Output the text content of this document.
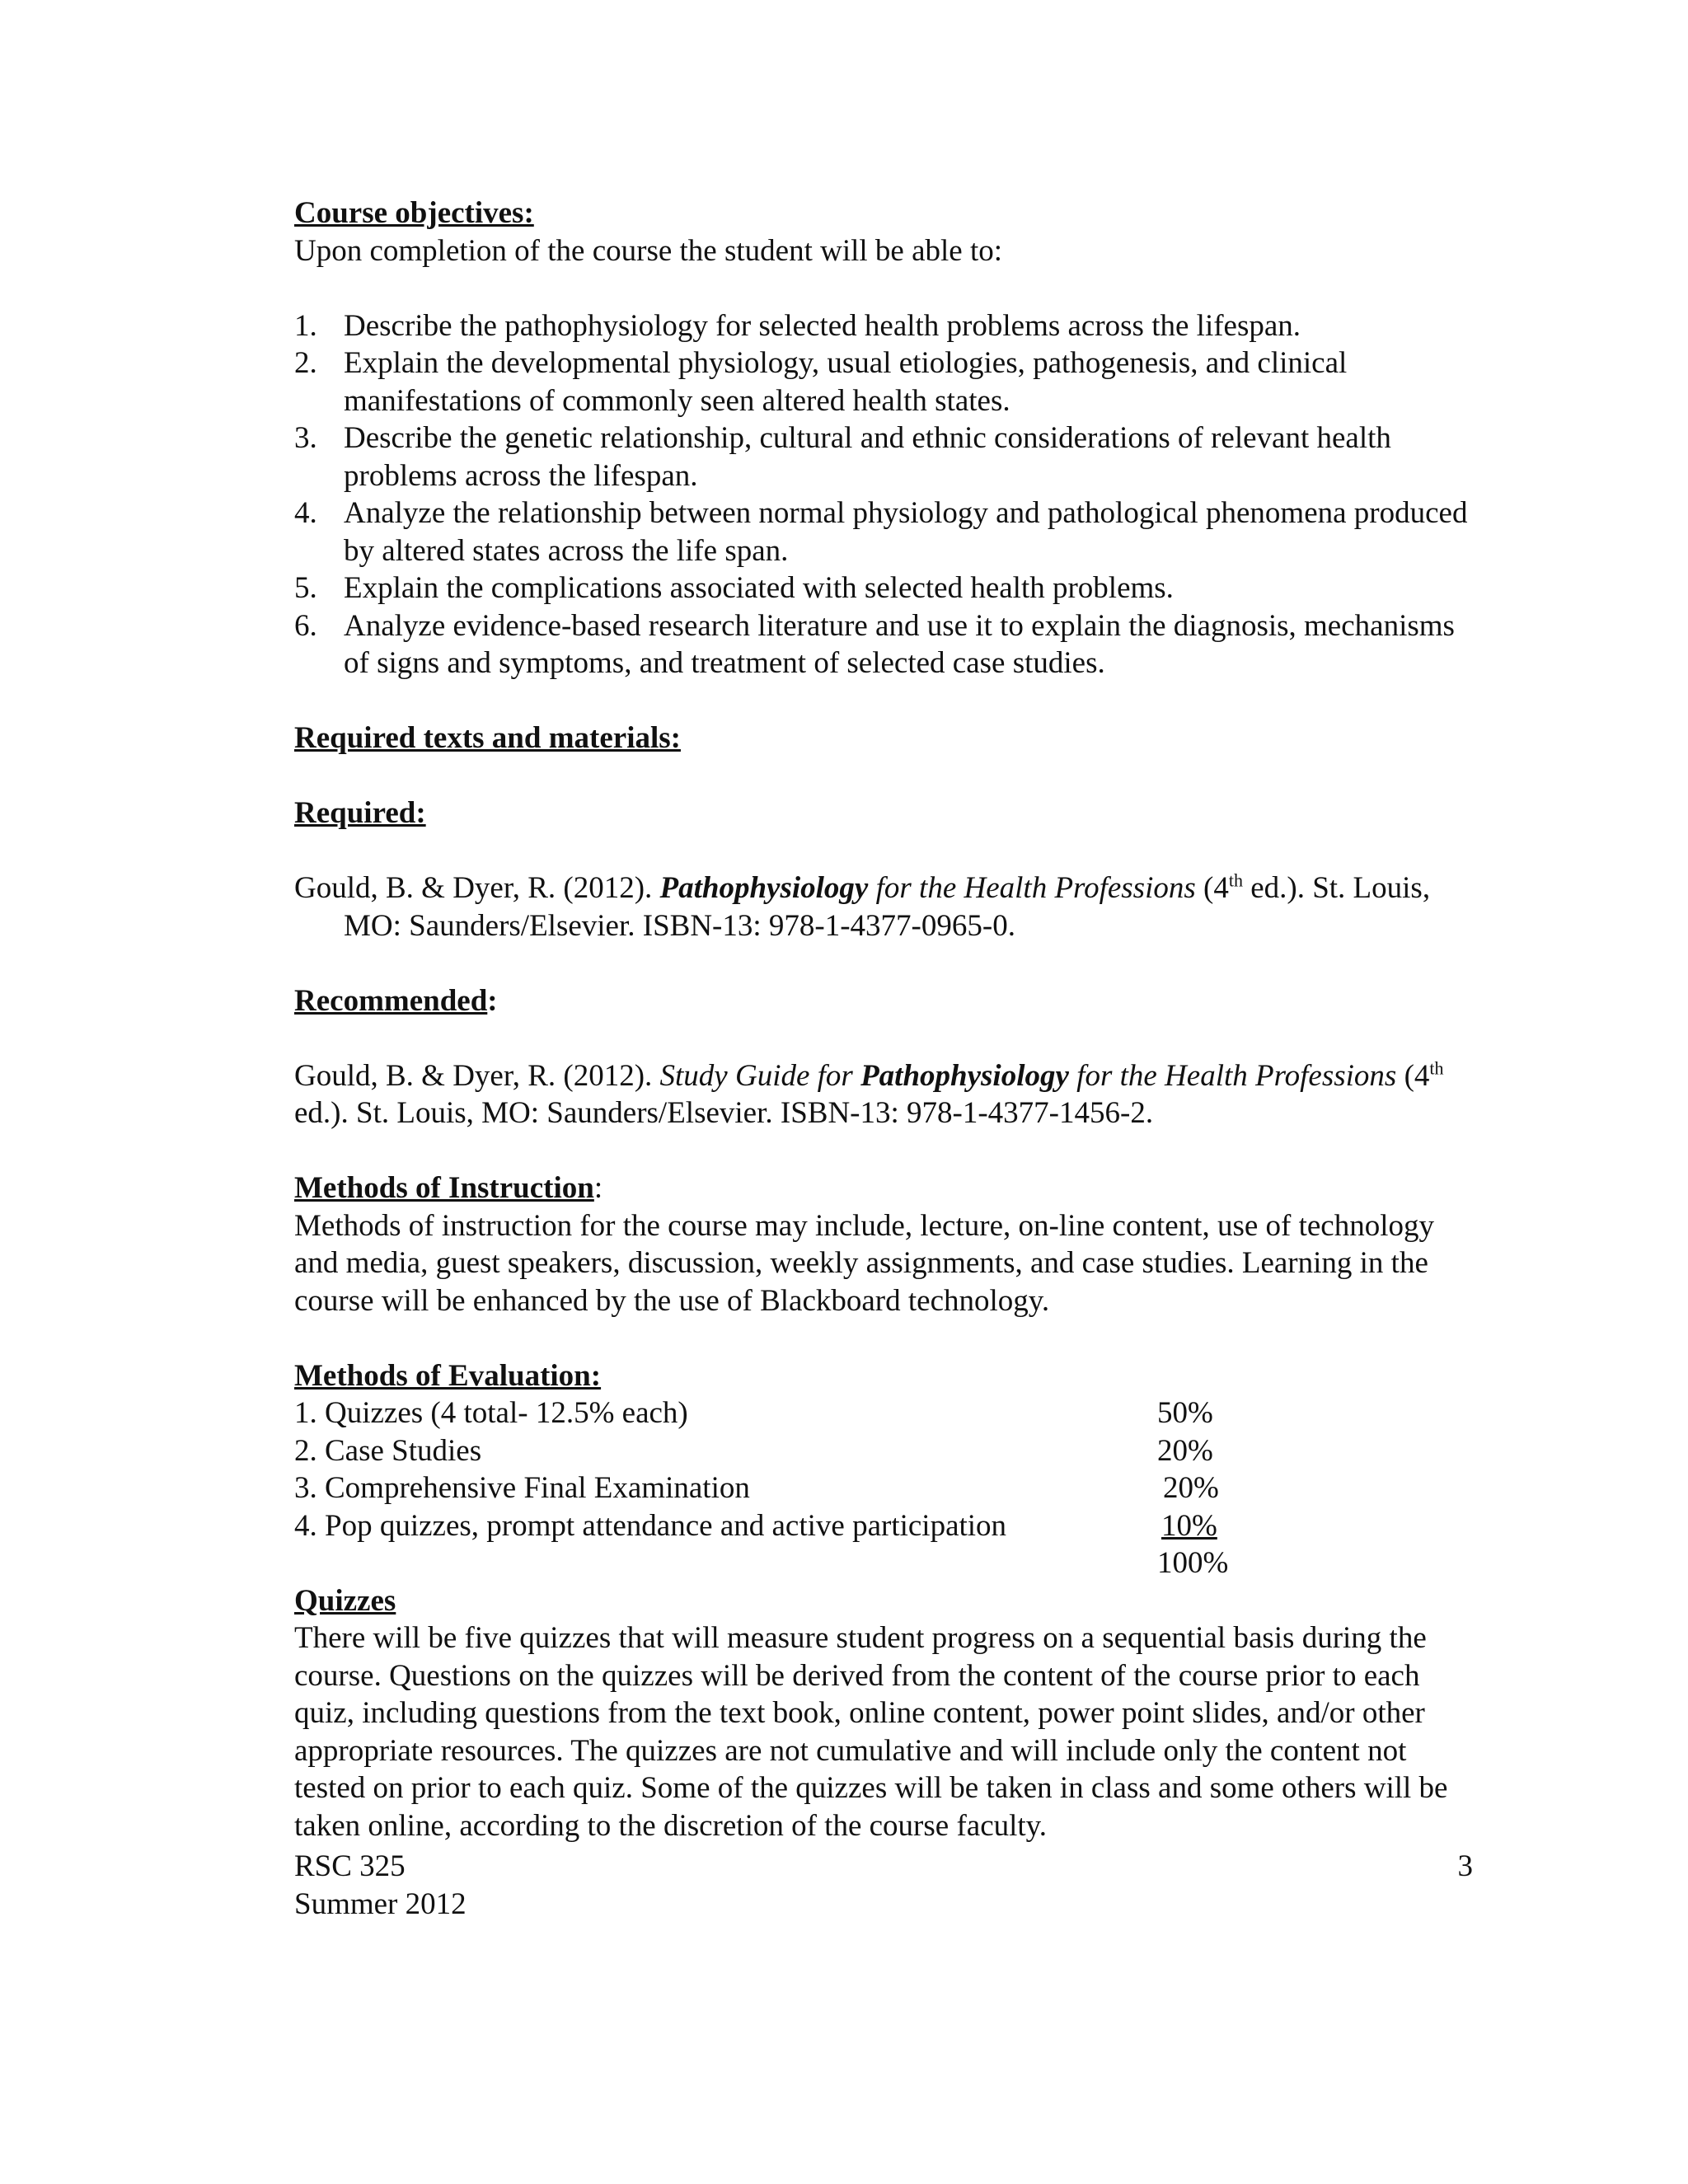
Course objectives:
Upon completion of the course the student will be able to:
1. Describe the pathophysiology for selected health problems across the lifespan.
2. Explain the developmental physiology, usual etiologies, pathogenesis, and clinical manifestations of commonly seen altered health states.
3. Describe the genetic relationship, cultural and ethnic considerations of relevant health problems across the lifespan.
4. Analyze the relationship between normal physiology and pathological phenomena produced by altered states across the life span.
5. Explain the complications associated with selected health problems.
6. Analyze evidence-based research literature and use it to explain the diagnosis, mechanisms of signs and symptoms, and treatment of selected case studies.
Required texts and materials:
Required:
Gould, B. & Dyer, R. (2012). Pathophysiology for the Health Professions (4th ed.). St. Louis, MO: Saunders/Elsevier. ISBN-13: 978-1-4377-0965-0.
Recommended:
Gould, B. & Dyer, R. (2012). Study Guide for Pathophysiology for the Health Professions (4th ed.). St. Louis, MO: Saunders/Elsevier. ISBN-13: 978-1-4377-1456-2.
Methods of Instruction:
Methods of instruction for the course may include, lecture, on-line content, use of technology and media, guest speakers, discussion, weekly assignments, and case studies. Learning in the course will be enhanced by the use of Blackboard technology.
Methods of Evaluation:
1. Quizzes (4 total- 12.5% each)	50%
2. Case Studies	20%
3. Comprehensive Final Examination	20%
4. Pop quizzes, prompt attendance and active participation	10%
100%
Quizzes
There will be five quizzes that will measure student progress on a sequential basis during the course. Questions on the quizzes will be derived from the content of the course prior to each quiz, including questions from the text book, online content, power point slides, and/or other appropriate resources. The quizzes are not cumulative and will include only the content not tested on prior to each quiz. Some of the quizzes will be taken in class and some others will be taken online, according to the discretion of the course faculty.
RSC 325
Summer 2012
3
